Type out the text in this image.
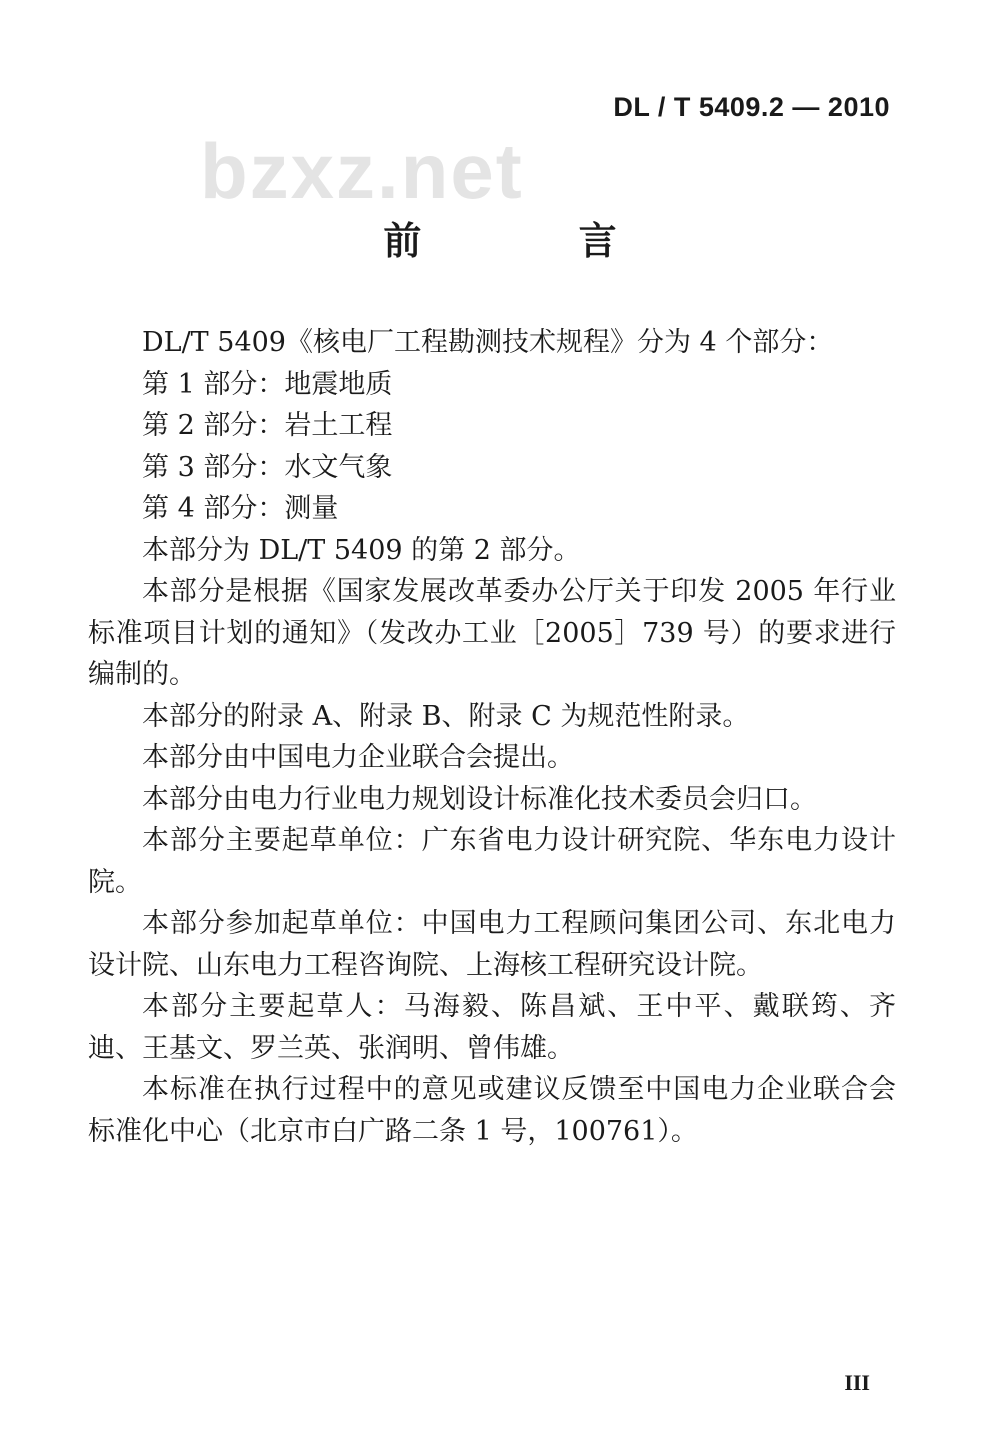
DL / T 5409.2 — 2010
bzxz.net
前 言

DL/T 5409《核电厂工程勘测技术规程》分为 4 个部分：

第 1 部分：地震地质

第 2 部分：岩土工程

第 3 部分：水文气象

第 4 部分：测量

本部分为 DL/T 5409 的第 2 部分。

本部分是根据《国家发展改革委办公厅关于印发 2005 年行业标准项目计划的通知》（发改办工业［2005］739 号）的要求进行编制的。

本部分的附录 A、附录 B、附录 C 为规范性附录。

本部分由中国电力企业联合会提出。

本部分由电力行业电力规划设计标准化技术委员会归口。

本部分主要起草单位：广东省电力设计研究院、华东电力设计院。

本部分参加起草单位：中国电力工程顾问集团公司、东北电力设计院、山东电力工程咨询院、上海核工程研究设计院。

本部分主要起草人：马海毅、陈昌斌、王中平、戴联筠、齐迪、王基文、罗兰英、张润明、曾伟雄。

本标准在执行过程中的意见或建议反馈至中国电力企业联合会标准化中心（北京市白广路二条 1 号，100761）。

III
